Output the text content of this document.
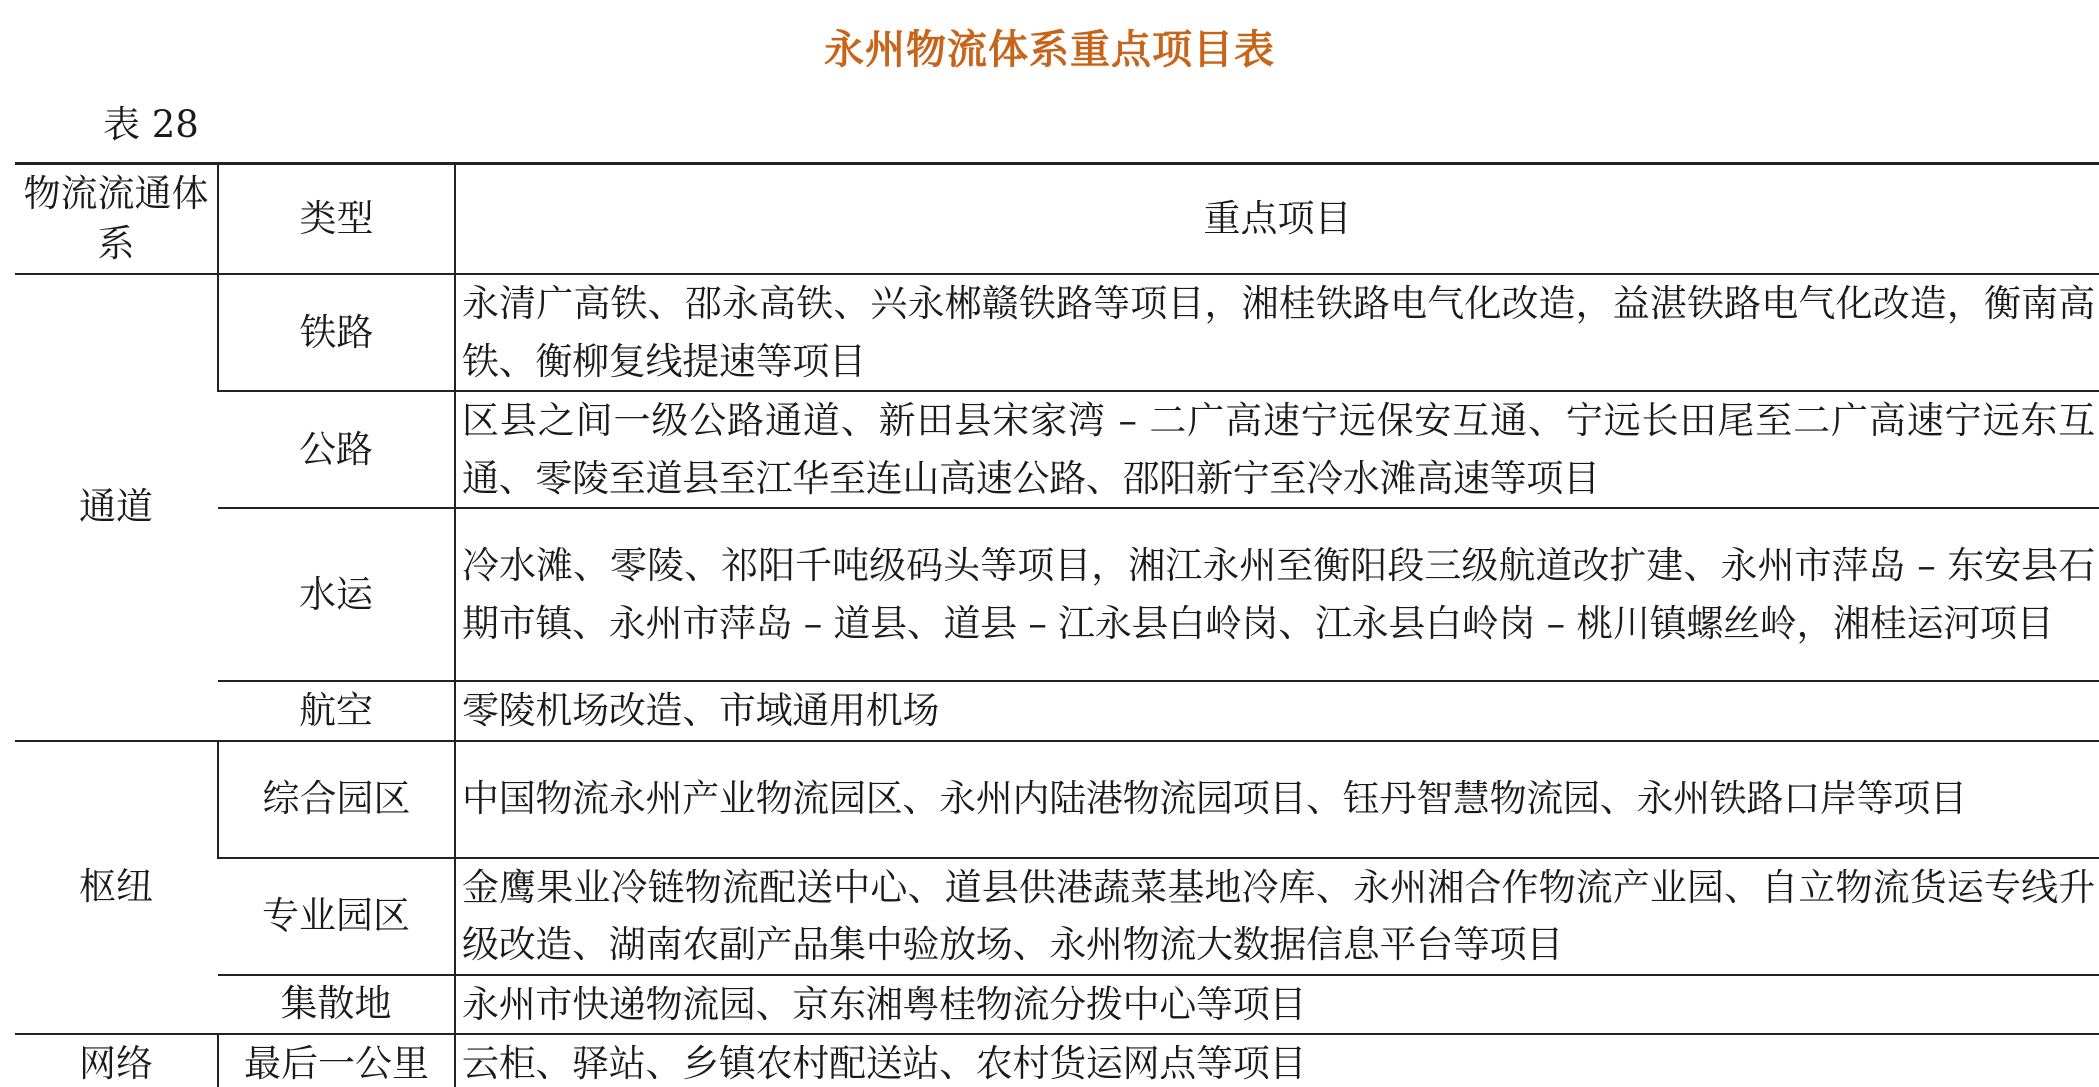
永州物流体系重点项目表
表 28
物流流通体系	类型	重点项目
通道	铁路	永清广高铁、邵永高铁、兴永郴赣铁路等项目，湘桂铁路电气化改造，益湛铁路电气化改造，衡南高铁、衡柳复线提速等项目
	公路	区县之间一级公路通道、新田县宋家湾 – 二广高速宁远保安互通、宁远长田尾至二广高速宁远东互通、零陵至道县至江华至连山高速公路、邵阳新宁至冷水滩高速等项目
	水运	冷水滩、零陵、祁阳千吨级码头等项目，湘江永州至衡阳段三级航道改扩建、永州市萍岛 – 东安县石期市镇、永州市萍岛 – 道县、道县 – 江永县白岭岗、江永县白岭岗 – 桃川镇螺丝岭，湘桂运河项目
	航空	零陵机场改造、市域通用机场
枢纽	综合园区	中国物流永州产业物流园区、永州内陆港物流园项目、钰丹智慧物流园、永州铁路口岸等项目
	专业园区	金鹰果业冷链物流配送中心、道县供港蔬菜基地冷库、永州湘合作物流产业园、自立物流货运专线升级改造、湖南农副产品集中验放场、永州物流大数据信息平台等项目
	集散地	永州市快递物流园、京东湘粤桂物流分拨中心等项目
网络	最后一公里	云柜、驿站、乡镇农村配送站、农村货运网点等项目
